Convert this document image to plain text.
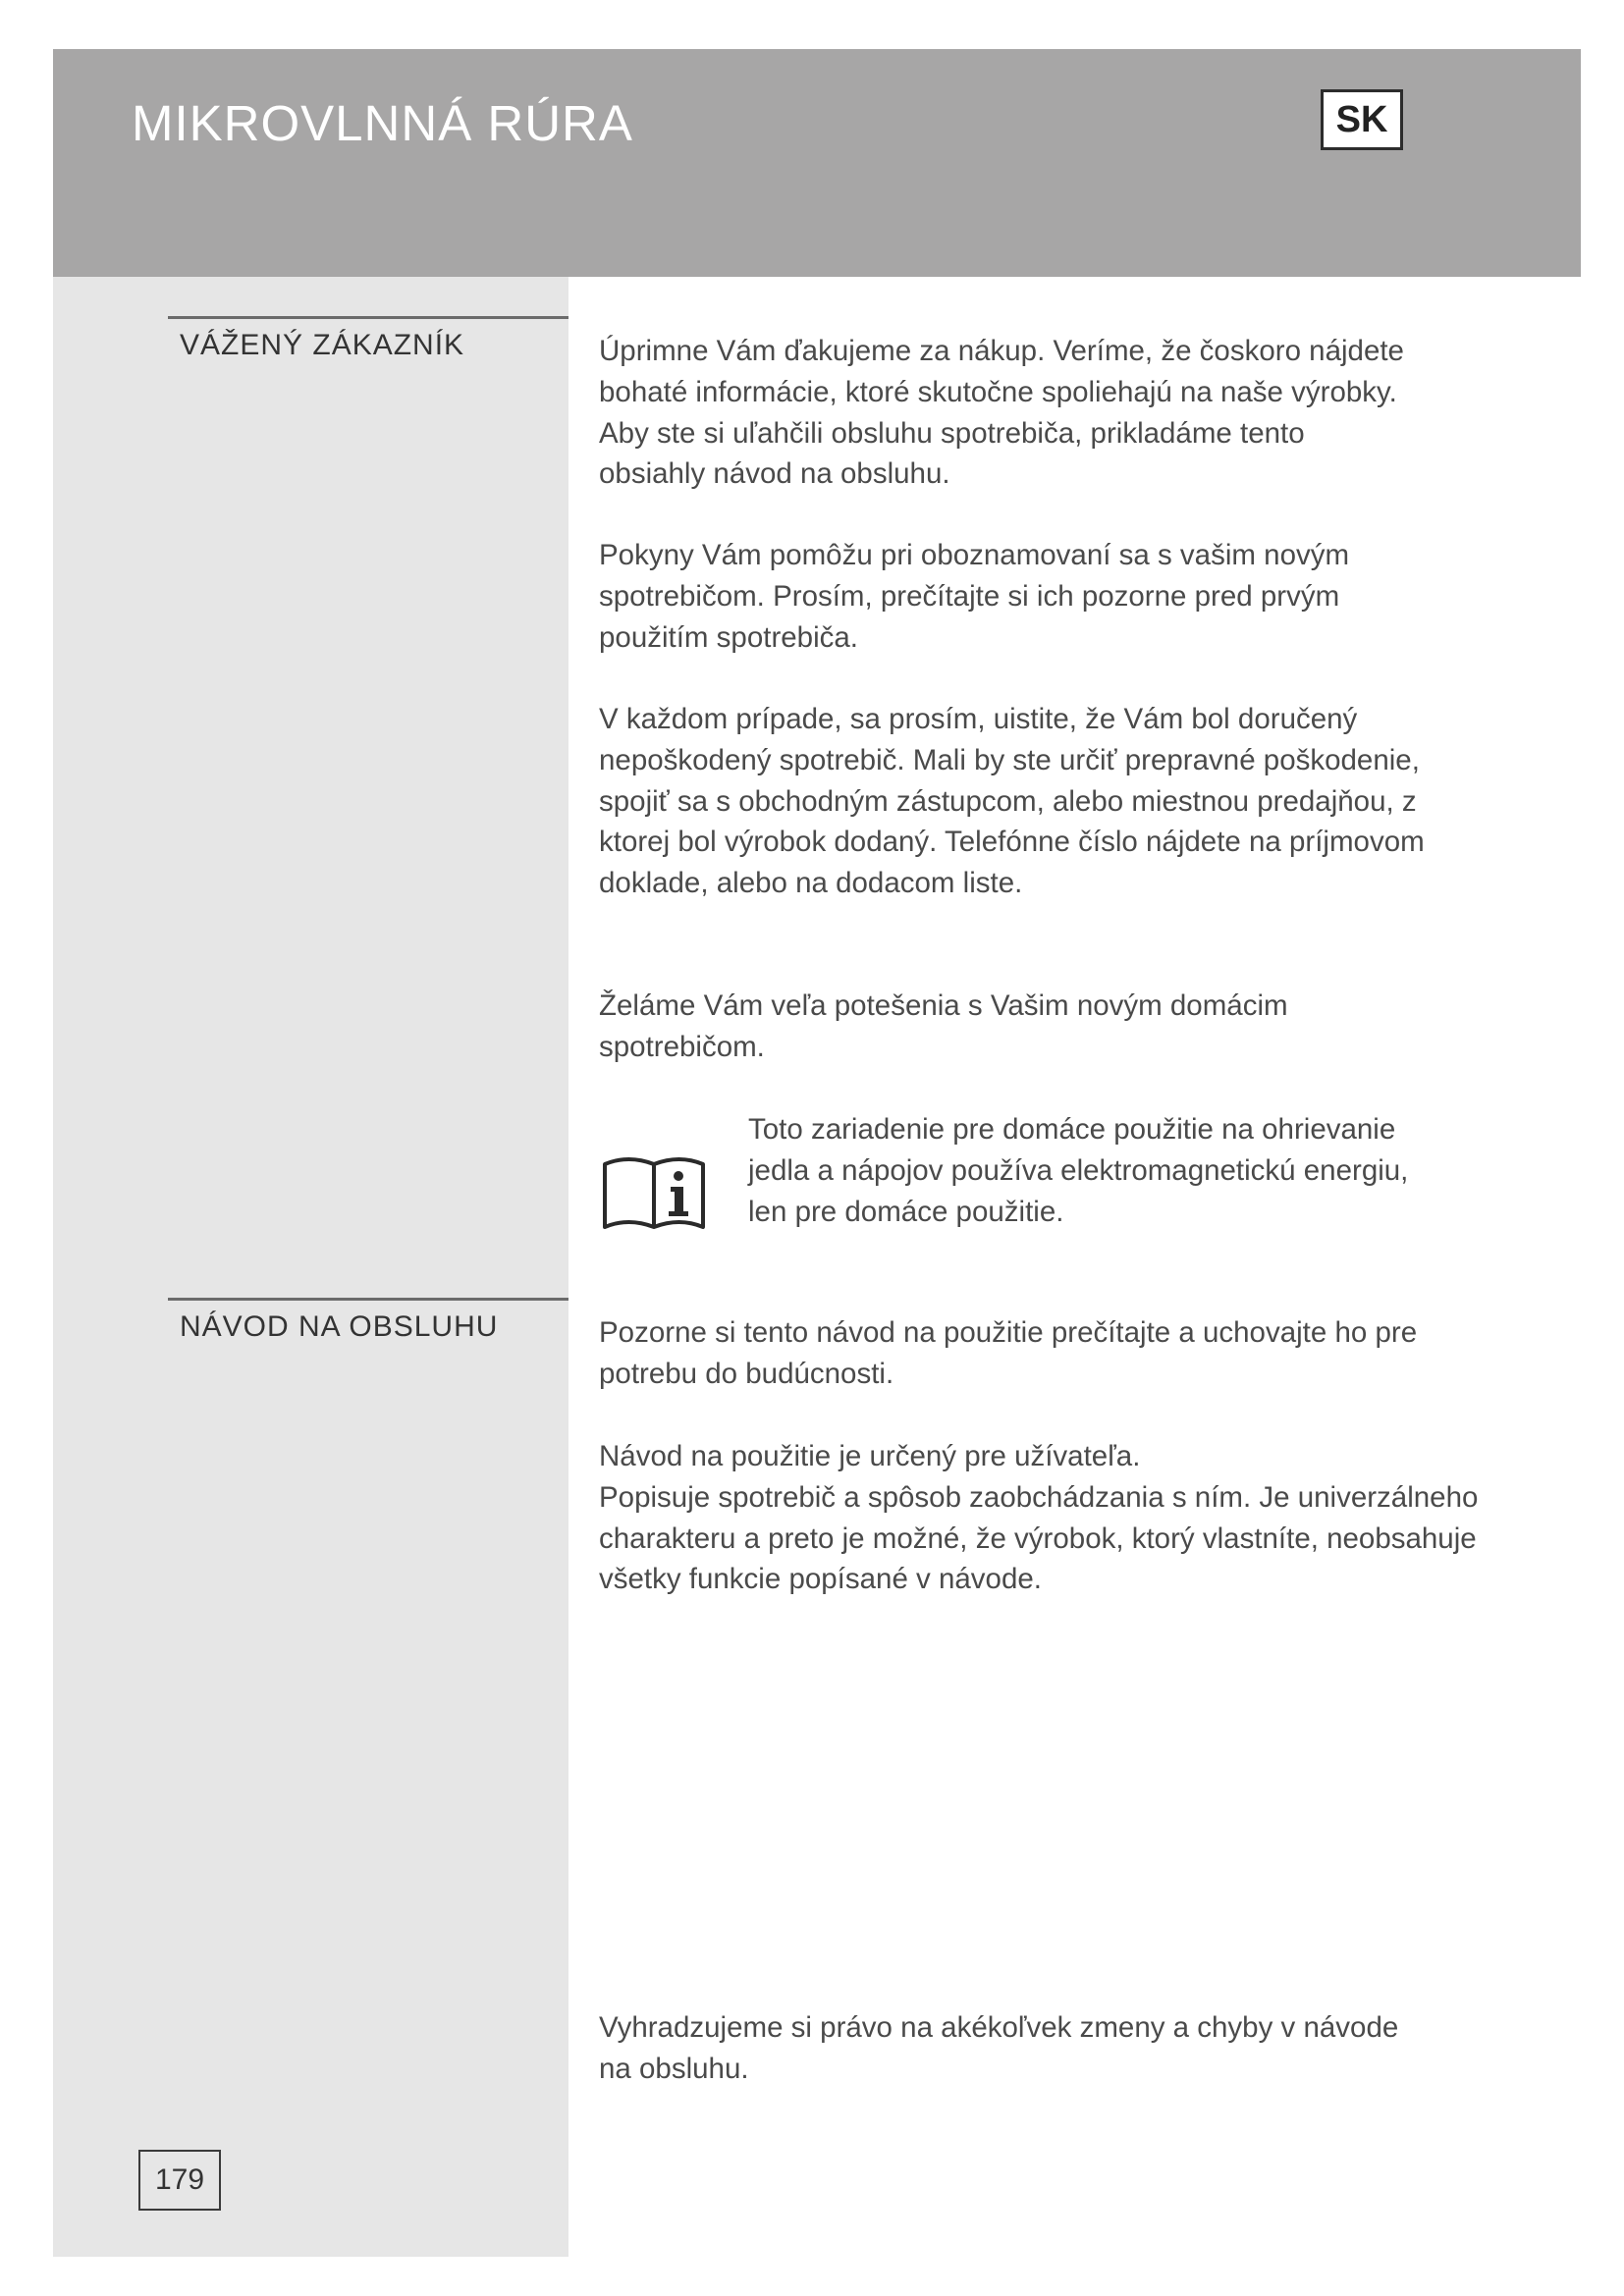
MIKROVLNNÁ RÚRA	SK
VÁŽENÝ ZÁKAZNÍK	Úprimne Vám ďakujeme za nákup. Veríme, že čoskoro nájdete bohaté informácie, ktoré skutočne spoliehajú na naše výrobky. Aby ste si uľahčili obsluhu spotrebiča, prikladáme tento obsiahly návod na obsluhu.

Pokyny Vám pomôžu pri oboznamovaní sa s vašim novým spotrebičom. Prosím, prečítajte si ich pozorne pred prvým použitím spotrebiča.

V každom prípade, sa prosím, uistite, že Vám bol doručený nepoškodený spotrebič. Mali by ste určiť prepravné poškodenie, spojiť sa s obchodným zástupcom, alebo miestnou predajňou, z ktorej bol výrobok dodaný. Telefónne číslo nájdete na príjmovom doklade, alebo na dodacom liste.

Želáme Vám veľa potešenia s Vašim novým domácim spotrebičom.

Toto zariadenie pre domáce použitie na ohrievanie jedla a nápojov používa elektromagnetickú energiu, len pre domáce použitie.

NÁVOD NA OBSLUHU	Pozorne si tento návod na použitie prečítajte a uchovajte ho pre potrebu do budúcnosti.

Návod na použitie je určený pre užívateľa.
Popisuje spotrebič a spôsob zaobchádzania s ním. Je univerzálneho charakteru a preto je možné, že výrobok, ktorý vlastníte, neobsahuje všetky funkcie popísané v návode.

Vyhradzujeme si právo na akékoľvek zmeny a chyby v návode na obsluhu.

179
